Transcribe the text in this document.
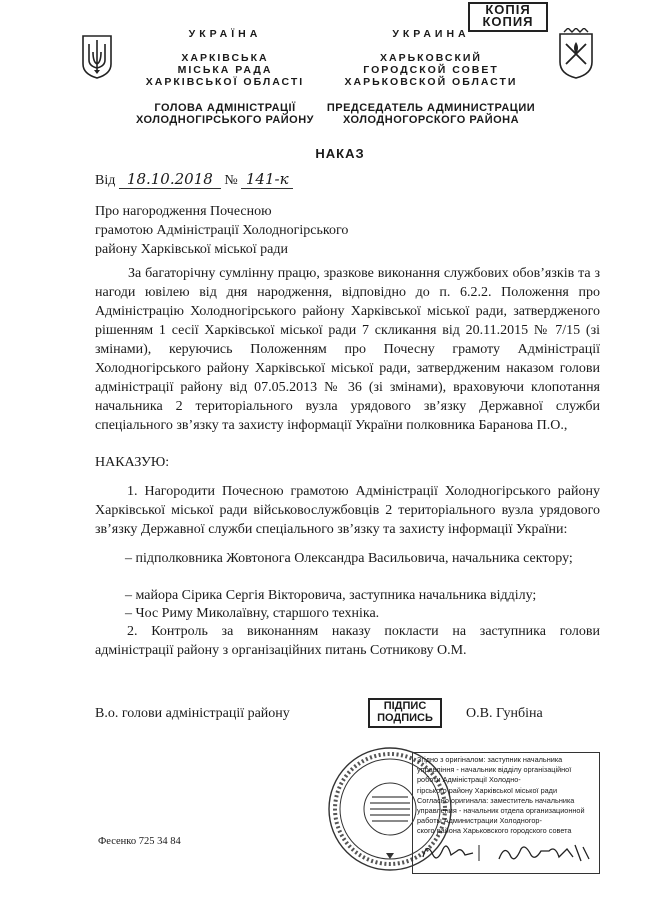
КОПІЯ
КОПИЯ
УКРАЇНА
ХАРКІВСЬКА
МІСЬКА РАДА
ХАРКІВСЬКОЇ ОБЛАСТІ
ГОЛОВА АДМІНІСТРАЦІЇ
ХОЛОДНОГІРСЬКОГО РАЙОНУ
УКРАИНА
ХАРЬКОВСКИЙ
ГОРОДСКОЙ СОВЕТ
ХАРЬКОВСКОЙ ОБЛАСТИ
ПРЕДСЕДАТЕЛЬ АДМИНИСТРАЦИИ
ХОЛОДНОГОРСКОГО РАЙОНА
НАКАЗ
Від 18.10.2018 № 141-к
Про нагородження Почесною
грамотою Адміністрації Холодногірського
району Харківської міської ради
За багаторічну сумлінну працю, зразкове виконання службових обов’язків та з нагоди ювілею від дня народження, відповідно до п. 6.2.2. Положення про Адміністрацію Холодногірського району Харківської міської ради, затвердженого рішенням 1 сесії Харківської міської ради 7 скликання від 20.11.2015 № 7/15 (зі змінами), керуючись Положенням про Почесну грамоту Адміністрації Холодногірського району Харківської міської ради, затвердженим наказом голови адміністрації району від 07.05.2013 № 36 (зі змінами), враховуючи клопотання начальника 2 територіального вузла урядового зв’язку Державної служби спеціального зв’язку та захисту інформації України полковника Баранова П.О.,
НАКАЗУЮ:
1. Нагородити Почесною грамотою Адміністрації Холодногірського району Харківської міської ради військовослужбовців 2 територіального вузла урядового зв’язку Державної служби спеціального зв’язку та захисту інформації України:
– підполковника Жовтонога Олександра Васильовича, начальника сектору;
– майора Сірика Сергія Вікторовича, заступника начальника відділу;
– Чос Риму Миколаївну, старшого техніка.
2. Контроль за виконанням наказу покласти на заступника голови адміністрації району з організаційних питань Сотникову О.М.
В.о. голови адміністрації району	ПІДПИС
ПОДПИСЬ	О.В. Гунбіна
Згідно з оригіналом: заступник начальника
управління - начальник відділу організаційної
роботи Адміністрації Холодно-
гірського району Харківської міської ради
Согласно оригинала: заместитель начальника
управления - начальник отдела организационной
работы Администрации Холодногор-
ского района Харьковского городского совета
Фесенко 725 34 84
